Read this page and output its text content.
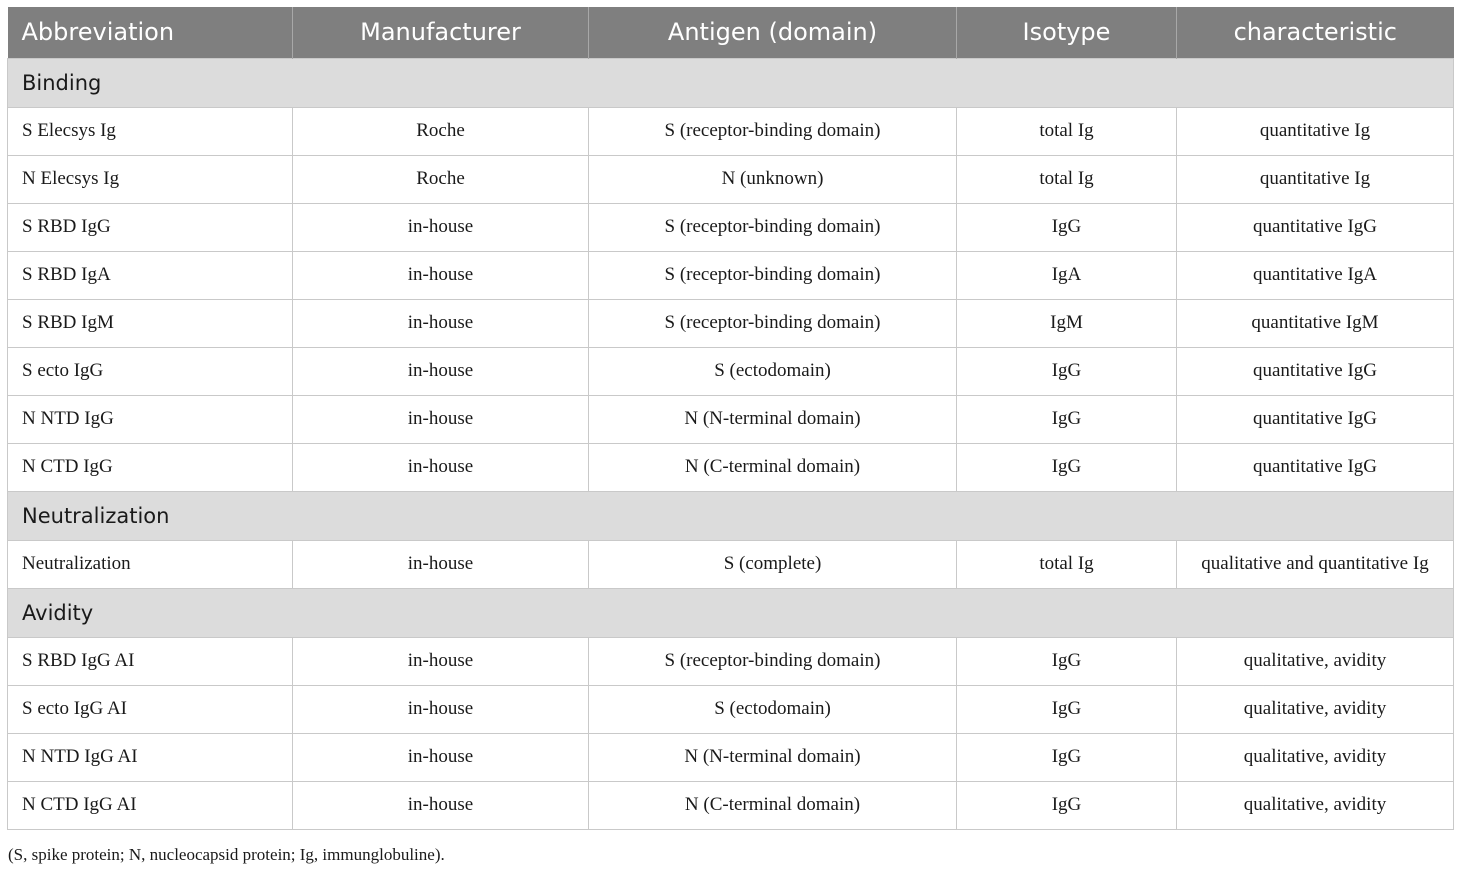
Abbreviation	Manufacturer	Antigen (domain)	Isotype	characteristic
Binding				
S Elecsys Ig	Roche	S (receptor-binding domain)	total Ig	quantitative Ig
N Elecsys Ig	Roche	N (unknown)	total Ig	quantitative Ig
S RBD IgG	in-house	S (receptor-binding domain)	IgG	quantitative IgG
S RBD IgA	in-house	S (receptor-binding domain)	IgA	quantitative IgA
S RBD IgM	in-house	S (receptor-binding domain)	IgM	quantitative IgM
S ecto IgG	in-house	S (ectodomain)	IgG	quantitative IgG
N NTD IgG	in-house	N (N-terminal domain)	IgG	quantitative IgG
N CTD IgG	in-house	N (C-terminal domain)	IgG	quantitative IgG
Neutralization				
Neutralization	in-house	S (complete)	total Ig	qualitative and quantitative Ig
Avidity				
S RBD IgG AI	in-house	S (receptor-binding domain)	IgG	qualitative, avidity
S ecto IgG AI	in-house	S (ectodomain)	IgG	qualitative, avidity
N NTD IgG AI	in-house	N (N-terminal domain)	IgG	qualitative, avidity
N CTD IgG AI	in-house	N (C-terminal domain)	IgG	qualitative, avidity
(S, spike protein; N, nucleocapsid protein; Ig, immunglobuline).
